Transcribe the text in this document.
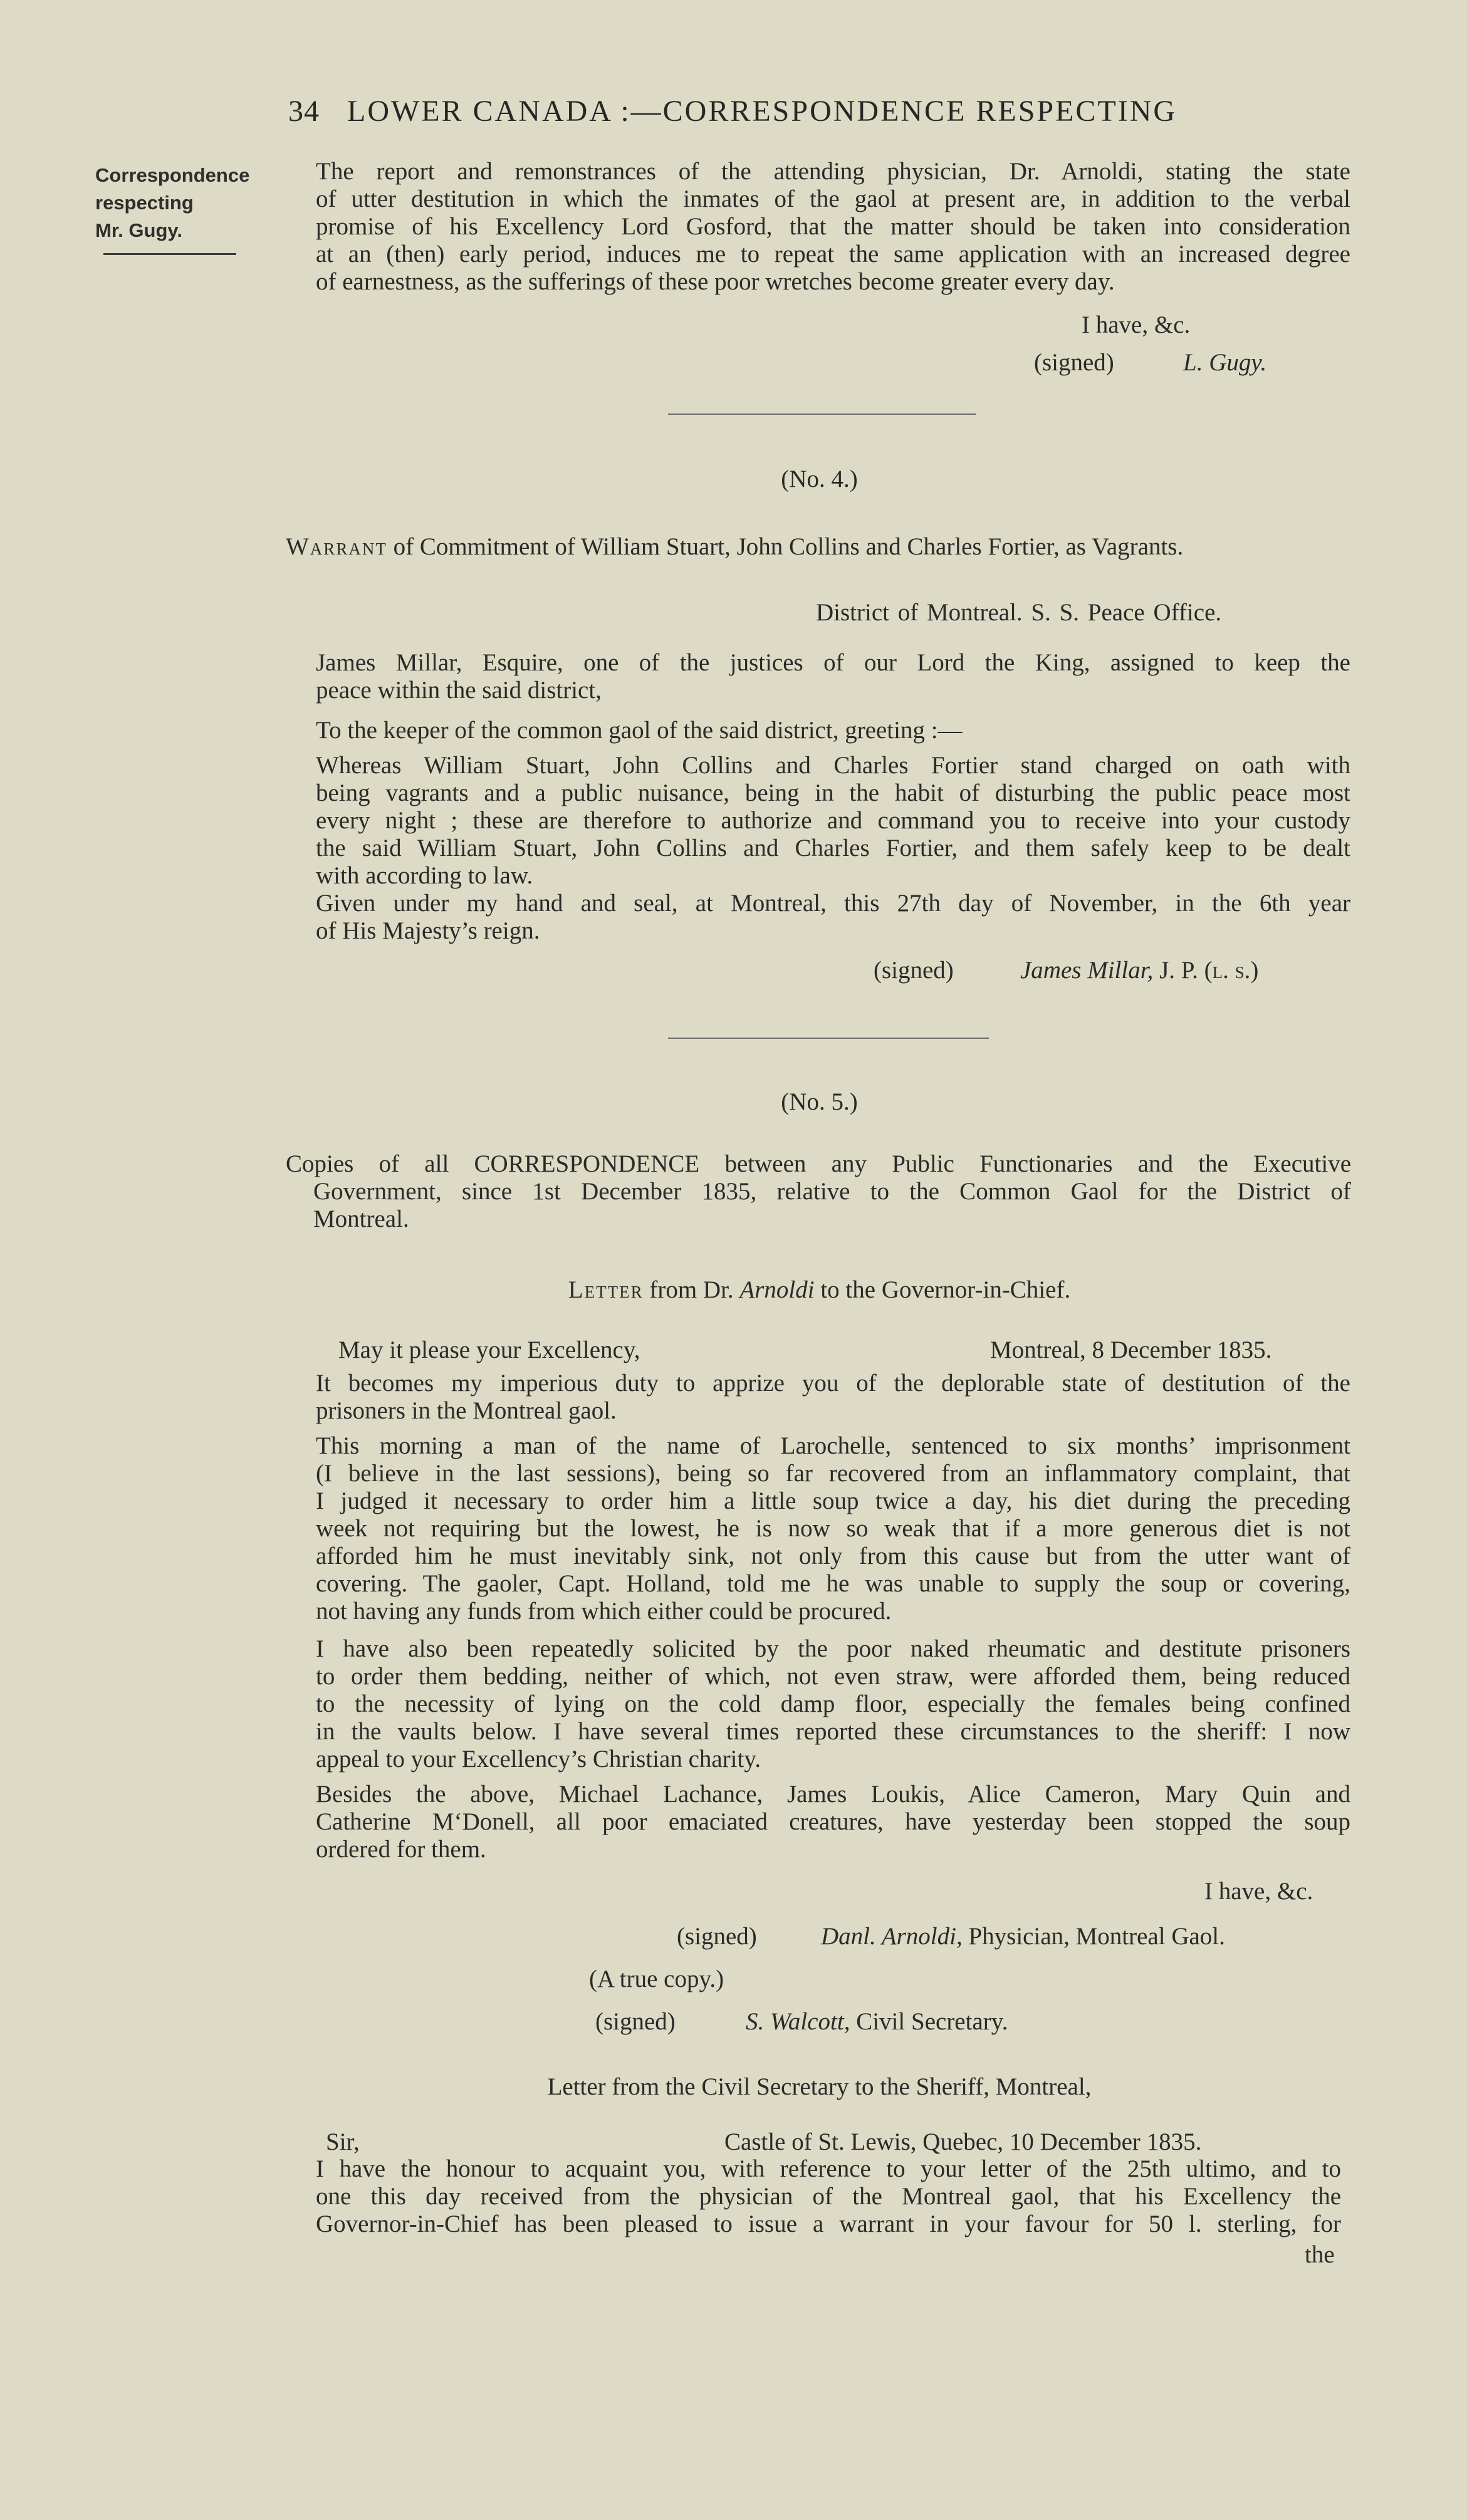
34 LOWER CANADA :—CORRESPONDENCE RESPECTING
Correspondence
respecting
Mr. Gugy.
The report and remonstrances of the attending physician, Dr. Arnoldi, stating the state
of utter destitution in which the inmates of the gaol at present are, in addition to the verbal
promise of his Excellency Lord Gosford, that the matter should be taken into consideration
at an (then) early period, induces me to repeat the same application with an increased degree
of earnestness, as the sufferings of these poor wretches become greater every day.
I have, &c.
(signed)	L. Gugy.
(No. 4.)
Warrant of Commitment of William Stuart, John Collins and Charles Fortier, as Vagrants.
District of Montreal. S. S. Peace Office.
James Millar, Esquire, one of the justices of our Lord the King, assigned to keep the
peace within the said district,
To the keeper of the common gaol of the said district, greeting :—
Whereas William Stuart, John Collins and Charles Fortier stand charged on oath with
being vagrants and a public nuisance, being in the habit of disturbing the public peace most
every night ; these are therefore to authorize and command you to receive into your custody
the said William Stuart, John Collins and Charles Fortier, and them safely keep to be dealt
with according to law.
Given under my hand and seal, at Montreal, this 27th day of November, in the 6th year
of His Majesty’s reign.
(signed)	James Millar, J. P. (l. s.)
(No. 5.)
Copies of all CORRESPONDENCE between any Public Functionaries and the Executive
Government, since 1st December 1835, relative to the Common Gaol for the District of
Montreal.
Letter from Dr. Arnoldi to the Governor-in-Chief.
May it please your Excellency,	Montreal, 8 December 1835.
It becomes my imperious duty to apprize you of the deplorable state of destitution of the
prisoners in the Montreal gaol.
This morning a man of the name of Larochelle, sentenced to six months’ imprisonment
(I believe in the last sessions), being so far recovered from an inflammatory complaint, that
I judged it necessary to order him a little soup twice a day, his diet during the preceding
week not requiring but the lowest, he is now so weak that if a more generous diet is not
afforded him he must inevitably sink, not only from this cause but from the utter want of
covering. The gaoler, Capt. Holland, told me he was unable to supply the soup or covering,
not having any funds from which either could be procured.
I have also been repeatedly solicited by the poor naked rheumatic and destitute prisoners
to order them bedding, neither of which, not even straw, were afforded them, being reduced
to the necessity of lying on the cold damp floor, especially the females being confined
in the vaults below. I have several times reported these circumstances to the sheriff: I now
appeal to your Excellency’s Christian charity.
Besides the above, Michael Lachance, James Loukis, Alice Cameron, Mary Quin and
Catherine M‘Donell, all poor emaciated creatures, have yesterday been stopped the soup
ordered for them.
I have, &c.
(signed)	Danl. Arnoldi, Physician, Montreal Gaol.
(A true copy.)
(signed)	S. Walcott, Civil Secretary.
Letter from the Civil Secretary to the Sheriff, Montreal,
Sir,	Castle of St. Lewis, Quebec, 10 December 1835.
I have the honour to acquaint you, with reference to your letter of the 25th ultimo, and to
one this day received from the physician of the Montreal gaol, that his Excellency the
Governor-in-Chief has been pleased to issue a warrant in your favour for 50 l. sterling, for
the
